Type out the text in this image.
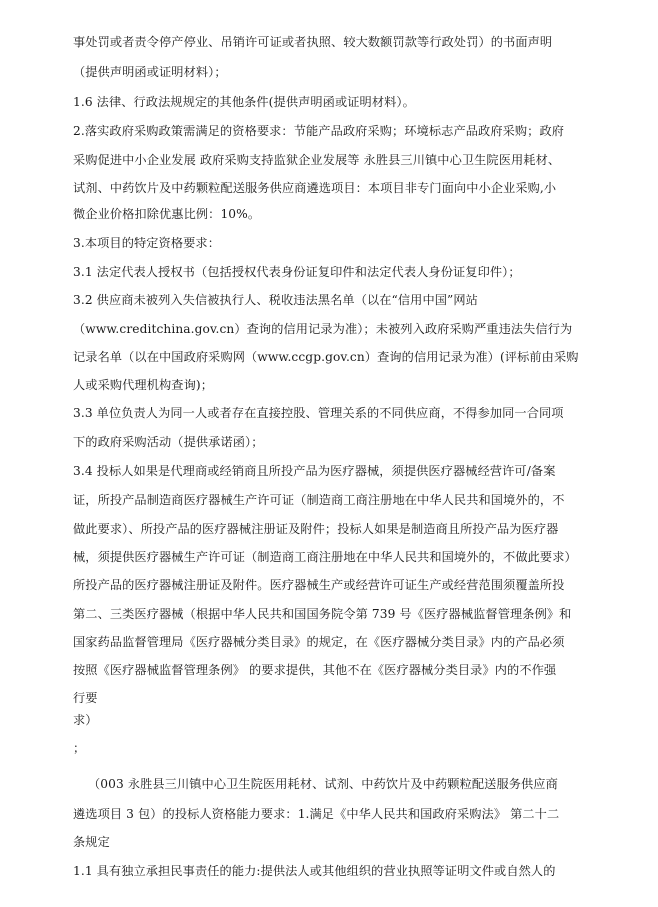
事处罚或者责令停产停业、吊销许可证或者执照、较大数额罚款等行政处罚）的书面声明
（提供声明函或证明材料）；
1.6 法律、行政法规规定的其他条件(提供声明函或证明材料）。
2.落实政府采购政策需满足的资格要求：节能产品政府采购；环境标志产品政府采购；政府
采购促进中小企业发展 政府采购支持监狱企业发展等 永胜县三川镇中心卫生院医用耗材、
试剂、中药饮片及中药颗粒配送服务供应商遴选项目：本项目非专门面向中小企业采购,小
微企业价格扣除优惠比例：10%。
3.本项目的特定资格要求：
3.1 法定代表人授权书（包括授权代表身份证复印件和法定代表人身份证复印件）；
3.2 供应商未被列入失信被执行人、税收违法黑名单（以在“信用中国”网站
（www.creditchina.gov.cn）查询的信用记录为准）；未被列入政府采购严重违法失信行为
记录名单（以在中国政府采购网（www.ccgp.gov.cn）查询的信用记录为准）(评标前由采购
人或采购代理机构查询)；
3.3 单位负责人为同一人或者存在直接控股、管理关系的不同供应商，不得参加同一合同项
下的政府采购活动（提供承诺函）；
3.4 投标人如果是代理商或经销商且所投产品为医疗器械，须提供医疗器械经营许可/备案
证，所投产品制造商医疗器械生产许可证（制造商工商注册地在中华人民共和国境外的，不
做此要求）、所投产品的医疗器械注册证及附件；投标人如果是制造商且所投产品为医疗器
械，须提供医疗器械生产许可证（制造商工商注册地在中华人民共和国境外的，不做此要求）
所投产品的医疗器械注册证及附件。医疗器械生产或经营许可证生产或经营范围须覆盖所投
第二、三类医疗器械（根据中华人民共和国国务院令第 739 号《医疗器械监督管理条例》和
国家药品监督管理局《医疗器械分类目录》的规定，在《医疗器械分类目录》内的产品必须
按照《医疗器械监督管理条例》 的要求提供，其他不在《医疗器械分类目录》内的不作强
行要
求）
；
（003 永胜县三川镇中心卫生院医用耗材、试剂、中药饮片及中药颗粒配送服务供应商
遴选项目 3 包）的投标人资格能力要求：1.满足《中华人民共和国政府采购法》 第二十二
条规定
1.1 具有独立承担民事责任的能力:提供法人或其他组织的营业执照等证明文件或自然人的
